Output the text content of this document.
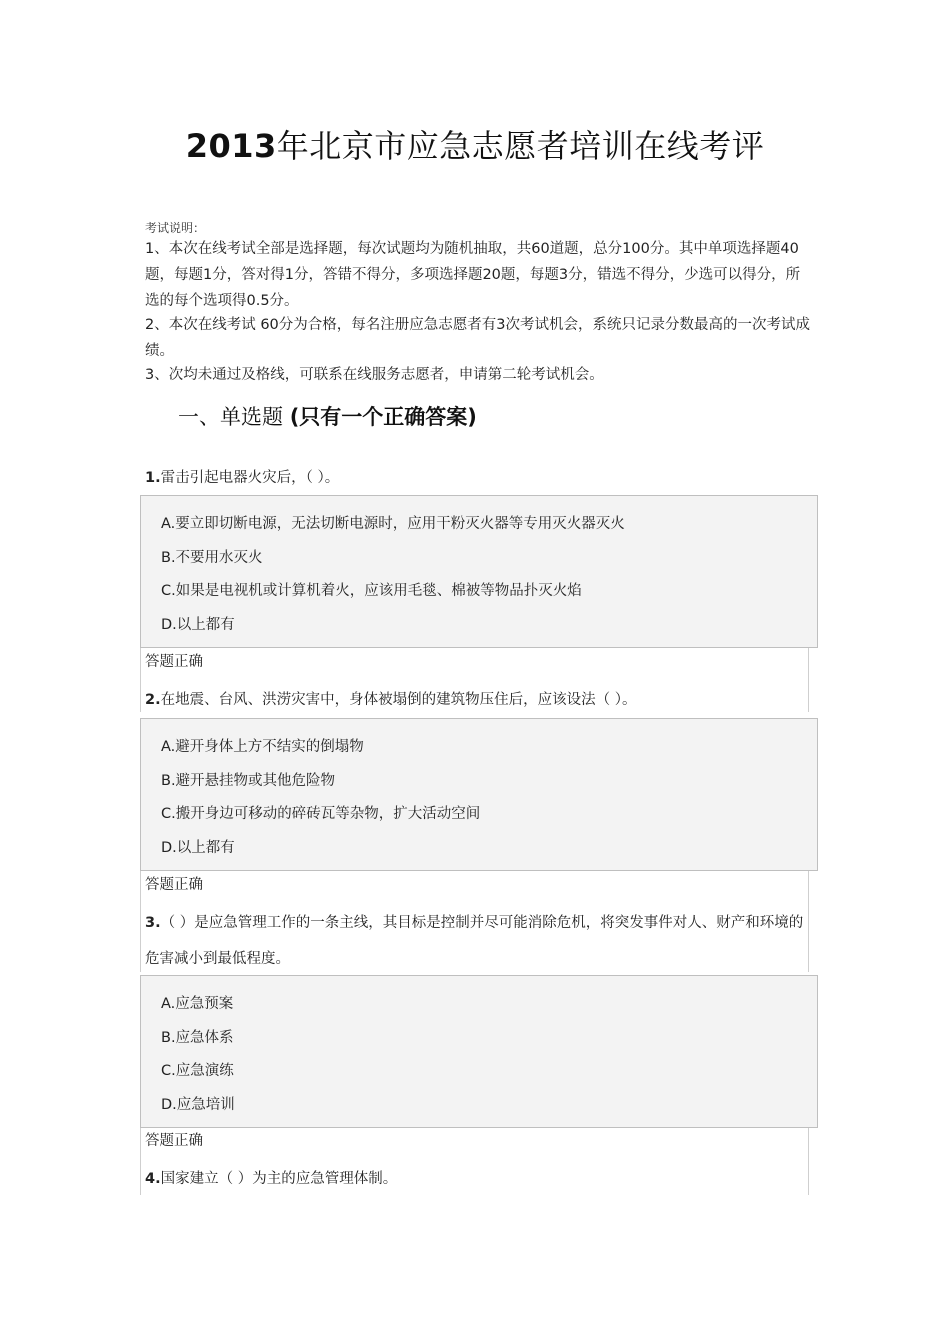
2013年北京市应急志愿者培训在线考评
考试说明：
1、本次在线考试全部是选择题，每次试题均为随机抽取，共60道题，总分100分。其中单项选择题40题，每题1分，答对得1分，答错不得分，多项选择题20题，每题3分，错选不得分，少选可以得分，所选的每个选项得0.5分。
2、本次在线考试 60分为合格，每名注册应急志愿者有3次考试机会，系统只记录分数最高的一次考试成绩。
3、次均未通过及格线，可联系在线服务志愿者，申请第二轮考试机会。
一、单选题 (只有一个正确答案)
1.雷击引起电器火灾后，（ ）。
A.要立即切断电源，无法切断电源时，应用干粉灭火器等专用灭火器灭火
B.不要用水灭火
C.如果是电视机或计算机着火，应该用毛毯、棉被等物品扑灭火焰
D.以上都有
答题正确
2.在地震、台风、洪涝灾害中，身体被塌倒的建筑物压住后，应该设法（ ）。
A.避开身体上方不结实的倒塌物
B.避开悬挂物或其他危险物
C.搬开身边可移动的碎砖瓦等杂物，扩大活动空间
D.以上都有
答题正确
3.（ ）是应急管理工作的一条主线，其目标是控制并尽可能消除危机，将突发事件对人、财产和环境的危害减小到最低程度。
A.应急预案
B.应急体系
C.应急演练
D.应急培训
答题正确
4.国家建立（ ）为主的应急管理体制。
